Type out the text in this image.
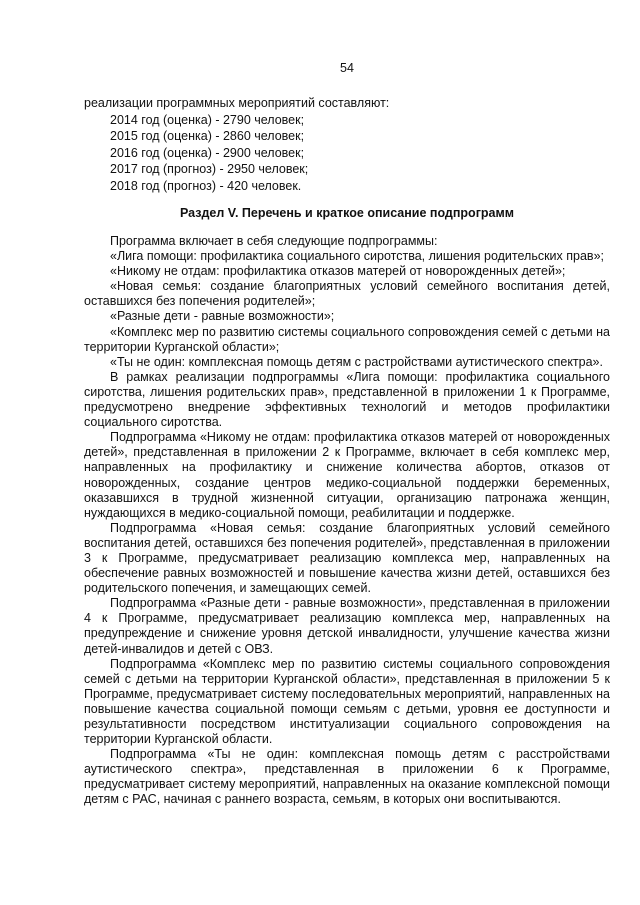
54
реализации программных мероприятий составляют:
2014 год (оценка) - 2790 человек;
2015 год (оценка) - 2860 человек;
2016 год (оценка) - 2900 человек;
2017 год (прогноз) - 2950 человек;
2018 год (прогноз) - 420 человек.
Раздел V. Перечень и краткое описание подпрограмм

Программа включает в себя следующие подпрограммы:

«Лига помощи: профилактика социального сиротства, лишения родительских прав»;

«Никому не отдам: профилактика отказов матерей от новорожденных детей»;

«Новая семья: создание благоприятных условий семейного воспитания детей, оставшихся без попечения родителей»;

«Разные дети - равные возможности»;

«Комплекс мер по развитию системы социального сопровождения семей с детьми на территории Курганской области»;

«Ты не один: комплексная помощь детям с растройствами аутистического спектра».

В рамках реализации подпрограммы «Лига помощи: профилактика социального сиротства, лишения родительских прав», представленной в приложении 1 к Программе, предусмотрено внедрение эффективных технологий и методов профилактики социального сиротства.

Подпрограмма «Никому не отдам: профилактика отказов матерей от новорожденных детей», представленная в приложении 2 к Программе, включает в себя комплекс мер, направленных на профилактику и снижение количества абортов, отказов от новорожденных, создание центров медико-социальной поддержки беременных, оказавшихся в трудной жизненной ситуации, организацию патронажа женщин, нуждающихся в медико-социальной помощи, реабилитации и поддержке.

Подпрограмма «Новая семья: создание благоприятных условий семейного воспитания детей, оставшихся без попечения родителей», представленная в приложении 3 к Программе, предусматривает реализацию комплекса мер, направленных на обеспечение равных возможностей и повышение качества жизни детей, оставшихся без родительского попечения, и замещающих семей.

Подпрограмма «Разные дети - равные возможности», представленная в приложении 4 к Программе, предусматривает реализацию комплекса мер, направленных на предупреждение и снижение уровня детской инвалидности, улучшение качества жизни детей-инвалидов и детей с ОВЗ.

Подпрограмма «Комплекс мер по развитию системы социального сопровождения семей с детьми на территории Курганской области», представленная в приложении 5 к Программе, предусматривает систему последовательных мероприятий, направленных на повышение качества социальной помощи семьям с детьми, уровня ее доступности и результативности посредством институализации социального сопровождения на территории Курганской области.

Подпрограмма «Ты не один: комплексная помощь детям с расстройствами аутистического спектра», представленная в приложении 6 к Программе, предусматривает систему мероприятий, направленных на оказание комплексной помощи детям с РАС, начиная с раннего возраста, семьям, в которых они воспитываются.
